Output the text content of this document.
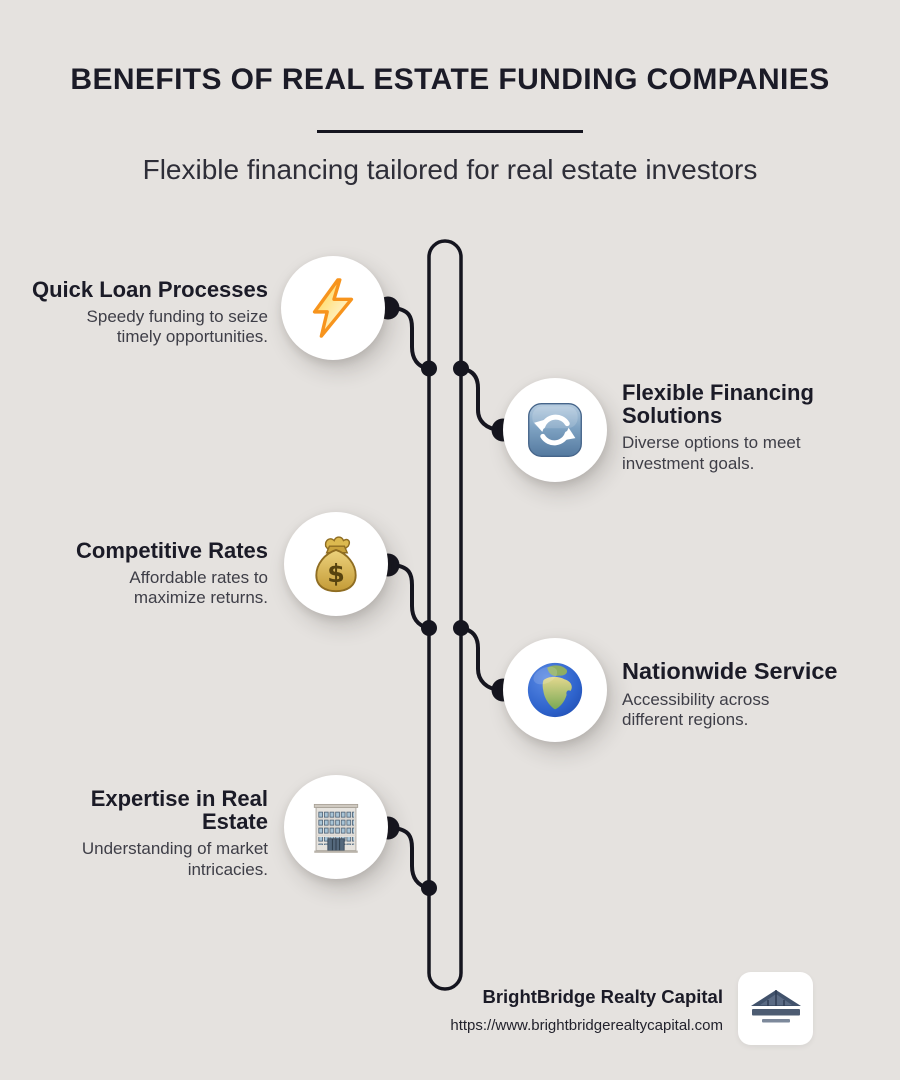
BENEFITS OF REAL ESTATE FUNDING COMPANIES
Flexible financing tailored for real estate investors
$
Quick Loan Processes
Speedy funding to seize timely opportunities.
Flexible Financing Solutions
Diverse options to meet investment goals.
Competitive Rates
Affordable rates to maximize returns.
Nationwide Service
Accessibility across different regions.
Expertise in Real Estate
Understanding of market intricacies.
BrightBridge Realty Capital
https://www.brightbridgerealtycapital.com
